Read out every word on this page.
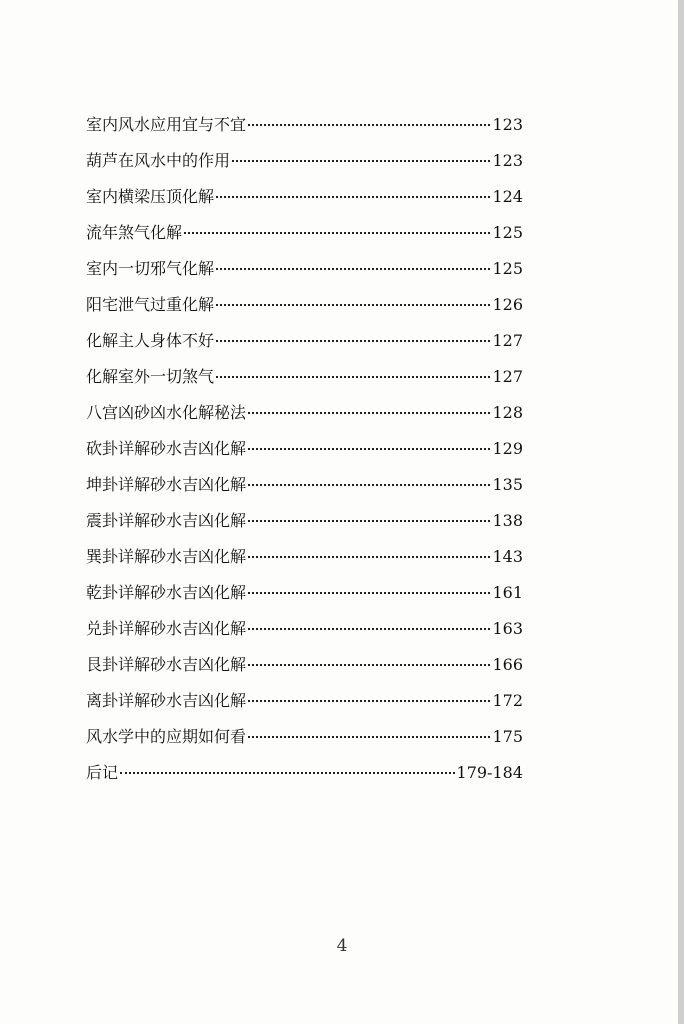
室内风水应用宜与不宜	123
葫芦在风水中的作用	123
室内横梁压顶化解	124
流年煞气化解	125
室内一切邪气化解	125
阳宅泄气过重化解	126
化解主人身体不好	127
化解室外一切煞气	127
八宫凶砂凶水化解秘法	128
砍卦详解砂水吉凶化解	129
坤卦详解砂水吉凶化解	135
震卦详解砂水吉凶化解	138
巽卦详解砂水吉凶化解	143
乾卦详解砂水吉凶化解	161
兑卦详解砂水吉凶化解	163
艮卦详解砂水吉凶化解	166
离卦详解砂水吉凶化解	172
风水学中的应期如何看	175
后记	179-184
4
